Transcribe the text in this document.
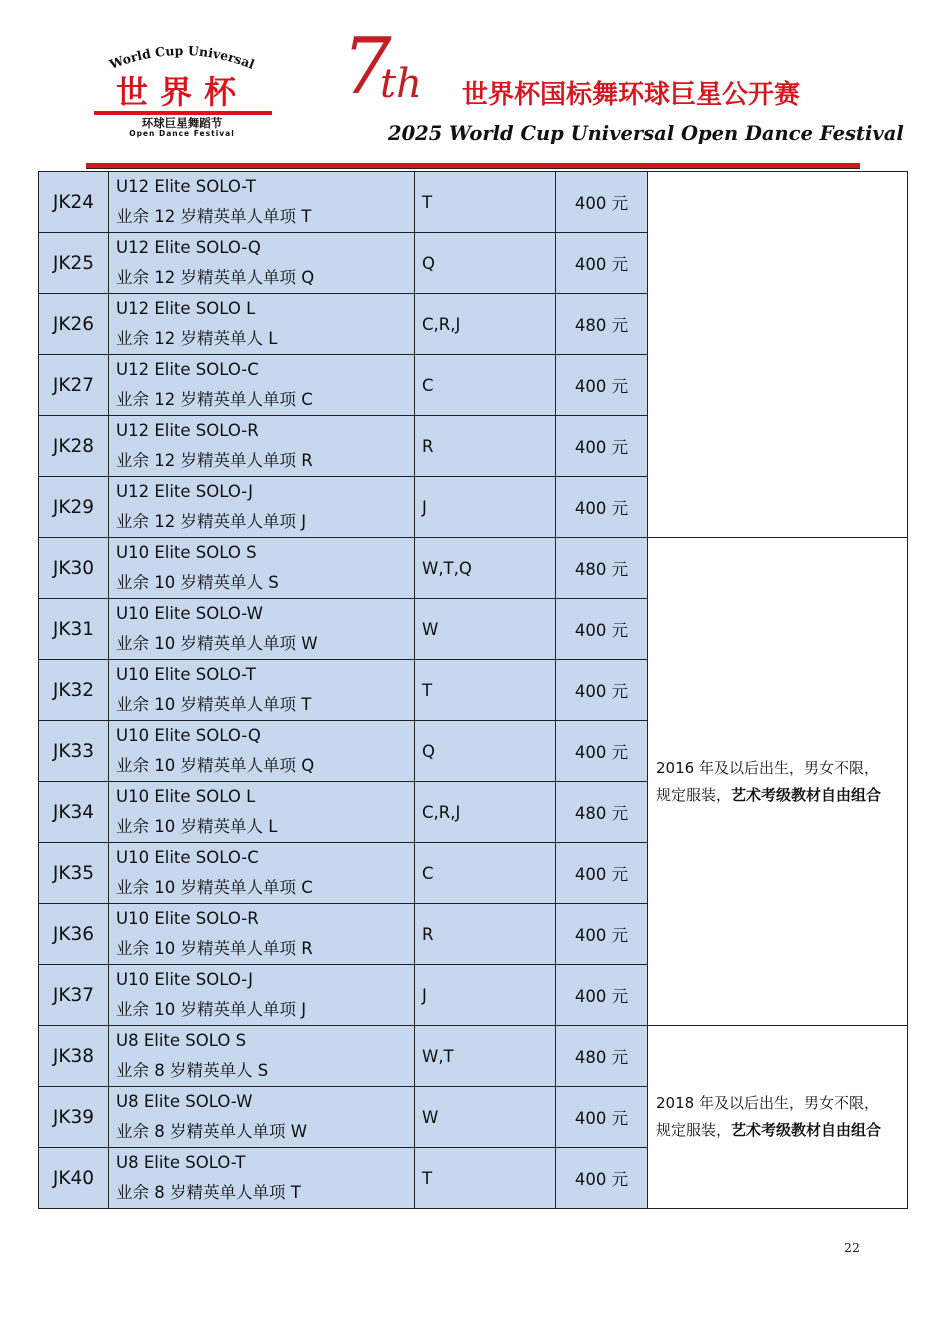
World Cup Universal
世界杯
环球巨星舞蹈节
Open Dance Festival
7
th 世界杯国标舞环球巨星公开赛
2025 World Cup Universal Open Dance Festival
JK24	U12 Elite SOLO-T
业余 12 岁精英单人单项 T	T	400 元	

JK25	U12 Elite SOLO-Q
业余 12 岁精英单人单项 Q	Q	400 元	
JK26	U12 Elite SOLO L
业余 12 岁精英单人 L	C,R,J	480 元	
JK27	U12 Elite SOLO-C
业余 12 岁精英单人单项 C	C	400 元	
JK28	U12 Elite SOLO-R
业余 12 岁精英单人单项 R	R	400 元	
JK29	U12 Elite SOLO-J
业余 12 岁精英单人单项 J	J	400 元	
JK30	U10 Elite SOLO S
业余 10 岁精英单人 S	W,T,Q	480 元	2016 年及以后出生，男女不限，
规定服装，艺术考级教材自由组合
JK31	U10 Elite SOLO-W
业余 10 岁精英单人单项 W	W	400 元	
JK32	U10 Elite SOLO-T
业余 10 岁精英单人单项 T	T	400 元	
JK33	U10 Elite SOLO-Q
业余 10 岁精英单人单项 Q	Q	400 元	
JK34	U10 Elite SOLO L
业余 10 岁精英单人 L	C,R,J	480 元	
JK35	U10 Elite SOLO-C
业余 10 岁精英单人单项 C	C	400 元	
JK36	U10 Elite SOLO-R
业余 10 岁精英单人单项 R	R	400 元	
JK37	U10 Elite SOLO-J
业余 10 岁精英单人单项 J	J	400 元	
JK38	U8 Elite SOLO S
业余 8 岁精英单人 S	W,T	480 元	2018 年及以后出生，男女不限，
规定服装，艺术考级教材自由组合
JK39	U8 Elite SOLO-W
业余 8 岁精英单人单项 W	W	400 元	
JK40	U8 Elite SOLO-T
业余 8 岁精英单人单项 T	T	400 元	
22
